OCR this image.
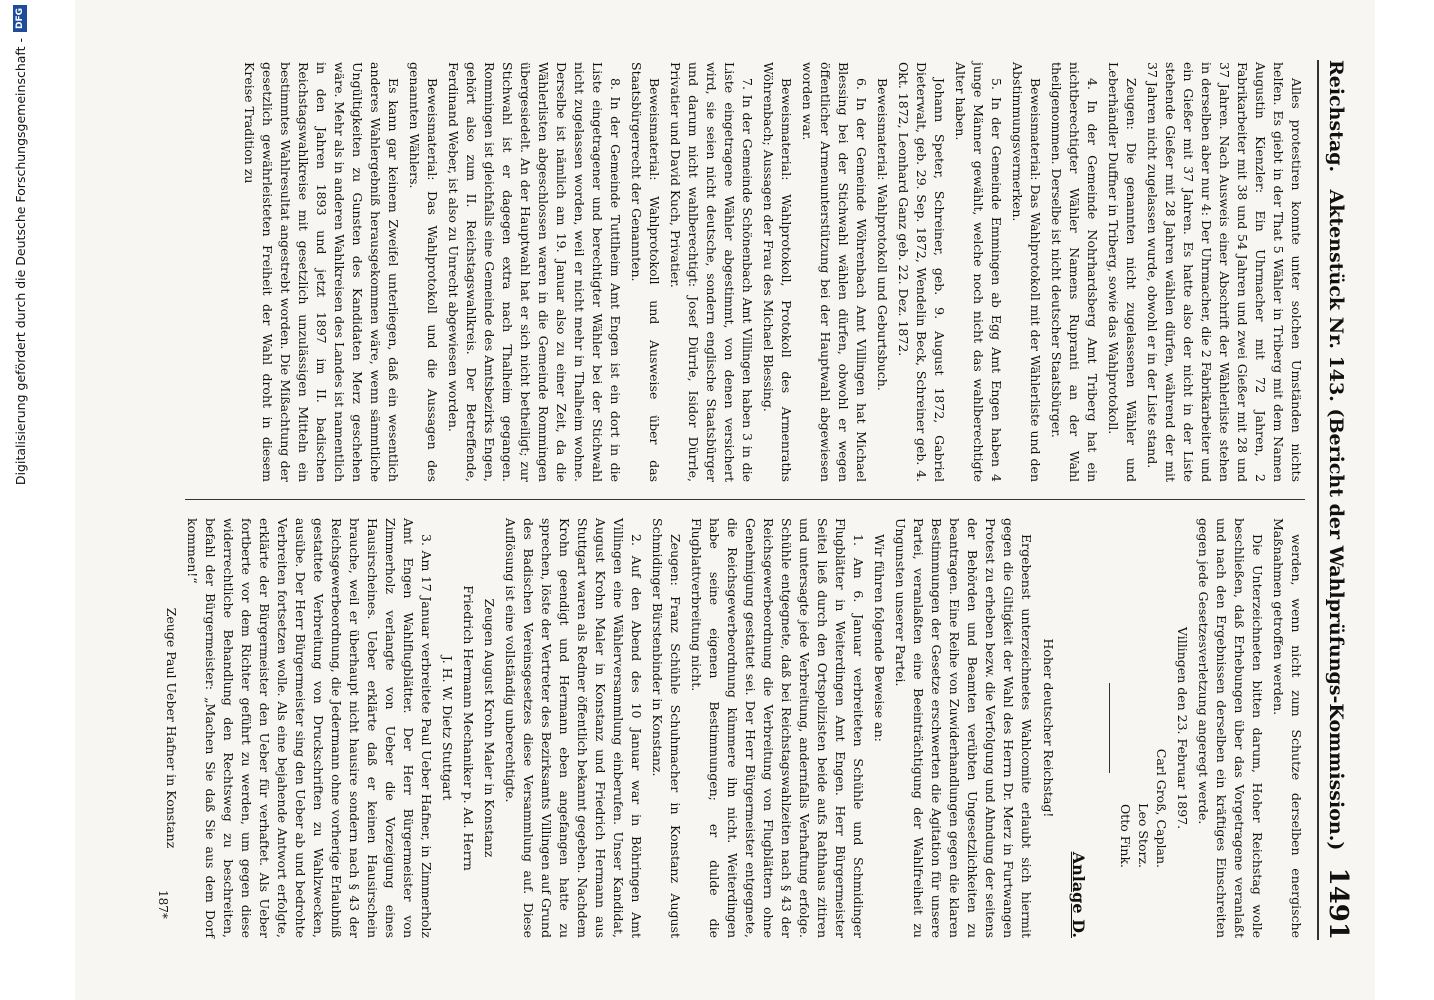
Reichstag.
Aktenstück Nr. 143. (Bericht der Wahlprüfungs-Kommission.)
1491

Alles protestiren konnte unter solchen Umständen nichts helfen. Es giebt in der That 5 Wähler in Triberg mit dem Namen Augustin Kienzler: Ein Uhrmacher mit 72 Jahren, 2 Fabrikarbeiter mit 38 und 54 Jahren und zwei Gießer mit 28 und 37 Jahren. Nach Ausweis einer Abschrift der Wählerliste stehen in derselben aber nur 4: Der Uhrmacher, die 2 Fabrikarbeiter und ein Gießer mit 37 Jahren. Es hatte also der nicht in der Liste stehende Gießer mit 28 Jahren wählen dürfen, während der mit 37 Jahren nicht zugelassen wurde, obwohl er in der Liste stand.

Zeugen: Die genannten nicht zugelassenen Wähler und Leberhändler Duffner in Triberg, sowie das Wahlprotokoll.

4. In der Gemeinde Nohrhardsberg Amt Triberg hat ein nichtberechtigter Wähler Namens Rupranti an der Wahl theilgenommen. Derselbe ist nicht deutscher Staatsbürger.

Beweismaterial: Das Wahlprotokoll mit der Wählerliste und den Abstimmungsvermerken.

5. In der Gemeinde Emmingen ab Egg Amt Engen haben 4 junge Männer gewählt, welche noch nicht das wahlberechtigte Alter haben.

Johann Speter, Schreiner, geb. 9. August 1872, Gabriel Dieterwalt, geb. 29. Sep. 1872, Wendelin Beck, Schreiner geb. 4. Okt. 1872, Leonhard Ganz geb. 22. Dez. 1872.

Beweismaterial: Wahlprotokoll und Geburtsbuch.

6. In der Gemeinde Wöhrenbach Amt Villingen hat Michael Blessing bei der Stichwahl wählen dürfen, obwohl er wegen öffentlicher Armenunterstützung bei der Hauptwahl abgewiesen worden war.

Beweismaterial: Wahlprotokoll, Protokoll des Armenraths Wöhrenbach; Aussagen der Frau des Michael Blessing.

7. In der Gemeinde Schönenbach Amt Villingen haben 3 in die Liste eingetragene Wähler abgestimmt, von denen versichert wird, sie seien nicht deutsche, sondern englische Staatsbürger und darum nicht wahlberechtigt: Josef Dürrle, Isidor Dürrle, Privatier und David Kuch, Privatier.

Beweismaterial: Wahlprotokoll und Ausweise über das Staatsbürgerrecht der Genannten.

8. In der Gemeinde Tuttlheim Amt Engen ist ein dort in die Liste eingetragener und berechtigter Wähler bei der Stichwahl nicht zugelassen worden, weil er nicht mehr in Thalheim wohne. Derselbe ist nämlich am 19. Januar also zu einer Zeit, da die Wählerlisten abgeschlossen waren in die Gemeinde Rommingen übergesiedelt. An der Hauptwahl hat er sich nicht betheiligt; zur Stichwahl ist er dagegen extra nach Thalheim gegangen. Rommingen ist gleichfalls eine Gemeinde des Amtsbezirks Engen, gehört also zum II. Reichstagswahlkreis. Der Betreffende, Ferdinand Weber, ist also zu Unrecht abgewiesen worden.

Beweismaterial: Das Wahlprotokoll und die Aussagen des genannten Wählers.

Es kann gar keinem Zweifel unterliegen, daß ein wesentlich anderes Wahlergebniß herausgekommen wäre, wenn sämmtliche Ungültigkeiten zu Gunsten des Kandidaten Merz geschehen wäre. Mehr als in anderen Wahlkreisen des Landes ist namentlich in den Jahren 1893 und jetzt 1897 im II. badischen Reichstagswahlkreise mit gesetzlich unzulässigen Mitteln ein bestimmtes Wahlresultat angestrebt worden. Die Mißachtung der gesetzlich gewährleisteten Freiheit der Wahl droht in diesem Kreise Tradition zu

werden, wenn nicht zum Schutze derselben energische Maßnahmen getroffen werden.

Die Unterzeichneten bitten darum, Hoher Reichstag wolle beschließen, daß Erhebungen über das Vorgetragene veranlaßt und nach den Ergebnissen derselben ein kräftiges Einschreiten gegen jede Gesetzesverletzung angeregt werde.

Villingen den 23. Februar 1897.

Carl Groß, Caplan.

Leo Storz.

Otto Fink.

Anlage D.

Hoher deutscher Reichstag!

Ergebenst unterzeichnetes Wahlcomite erlaubt sich hiermit gegen die Giltigkeit der Wahl des Herrn Dr. Merz in Furtwangen Protest zu erheben bezw. die Verfolgung und Ahndung der seitens der Behörden und Beamten verübten Ungesetzlichkeiten zu beantragen. Eine Reihe von Zuwiderhandlungen gegen die klaren Bestimmungen der Gesetze erschwerten die Agitation für unsere Partei, veranlaßten eine Beeinträchtigung der Wahlfreiheit zu Ungunsten unserer Partei.

Wir führen folgende Beweise an:

1. Am 6. Januar verbreiteten Schühle und Schmidinger Flugblätter in Weiterdingen Amt Engen. Herr Bürgermeister Seitel ließ durch den Ortspolizisten beide aufs Rathhaus zitiren und untersagte jede Verbreitung, andernfalls Verhaftung erfolge. Schühle entgegnete, daß bei Reichstagswahlzeiten nach § 43 der Reichsgewerbeordnung die Verbreitung von Flugblättern ohne Genehmigung gestattet sei. Der Herr Bürgermeister entgegnete, die Reichsgewerbeordnung kümmere ihn nicht. Weiterdingen habe seine eigenen Bestimmungen; er dulde die Flugblattverbreitung nicht.

Zeugen: Franz Schühle Schuhmacher in Konstanz August Schmidinger Bürstenbinder in Konstanz.

2. Auf den Abend des 10 Januar war in Böhringen Amt Villingen eine Wählerversammlung einberufen. Unser Kandidat, August Krohn Maler in Konstanz und Friedrich Hermann aus Stuttgart waren als Redner öffentlich bekannt gegeben. Nachdem Krohn geendigt und Hermann eben angefangen hatte zu sprechen, löste der Vertreter des Bezirksamts Villingen auf Grund des Badischen Vereinsgesetzes diese Versammlung auf. Diese Auflösung ist eine vollständig unberechtigte.

Zeugen August Krohn Maler in Konstanz

Friedrich Hermann Mechaniker p. Ad. Herrn

J. H. W. Dietz Stuttgart

3. Am 17 Januar verbreitete Paul Ueber Hafner, in Zimmerholz Amt Engen Wahlflugblätter. Der Herr Bürgermeister von Zimmerholz verlangte von Ueber die Vorzeigung eines Hausirscheines. Ueber erklärte daß er keinen Hausirschein brauche, weil er überhaupt nicht hausire sondern nach § 43 der Reichsgewerbeordnung, die Jedermann ohne vorherige Erlaubniß gestattete Verbreitung von Druckschriften zu Wahlzwecken, ausübe. Der Herr Bürgermeister sing den Ueber ab und bedrohte Verbreiten fortsetzen wolle. Als eine bejahende Antwort erfolgte, erklärte der Bürgermeister den Ueber für verhaftet. Als Ueber fortberte vor dem Richter geführt zu werden, um gegen diese widerrechtliche Behandlung den Rechtsweg zu beschreiten, befahl der Bürgermeister: „Machen Sie daß Sie aus dem Dorf kommen!“

Zeuge Paul Ueber Hafner in Konstanz

187*
Digitalisierung gefördert durch die Deutsche Forschungsgemeinschaft -
DFG
